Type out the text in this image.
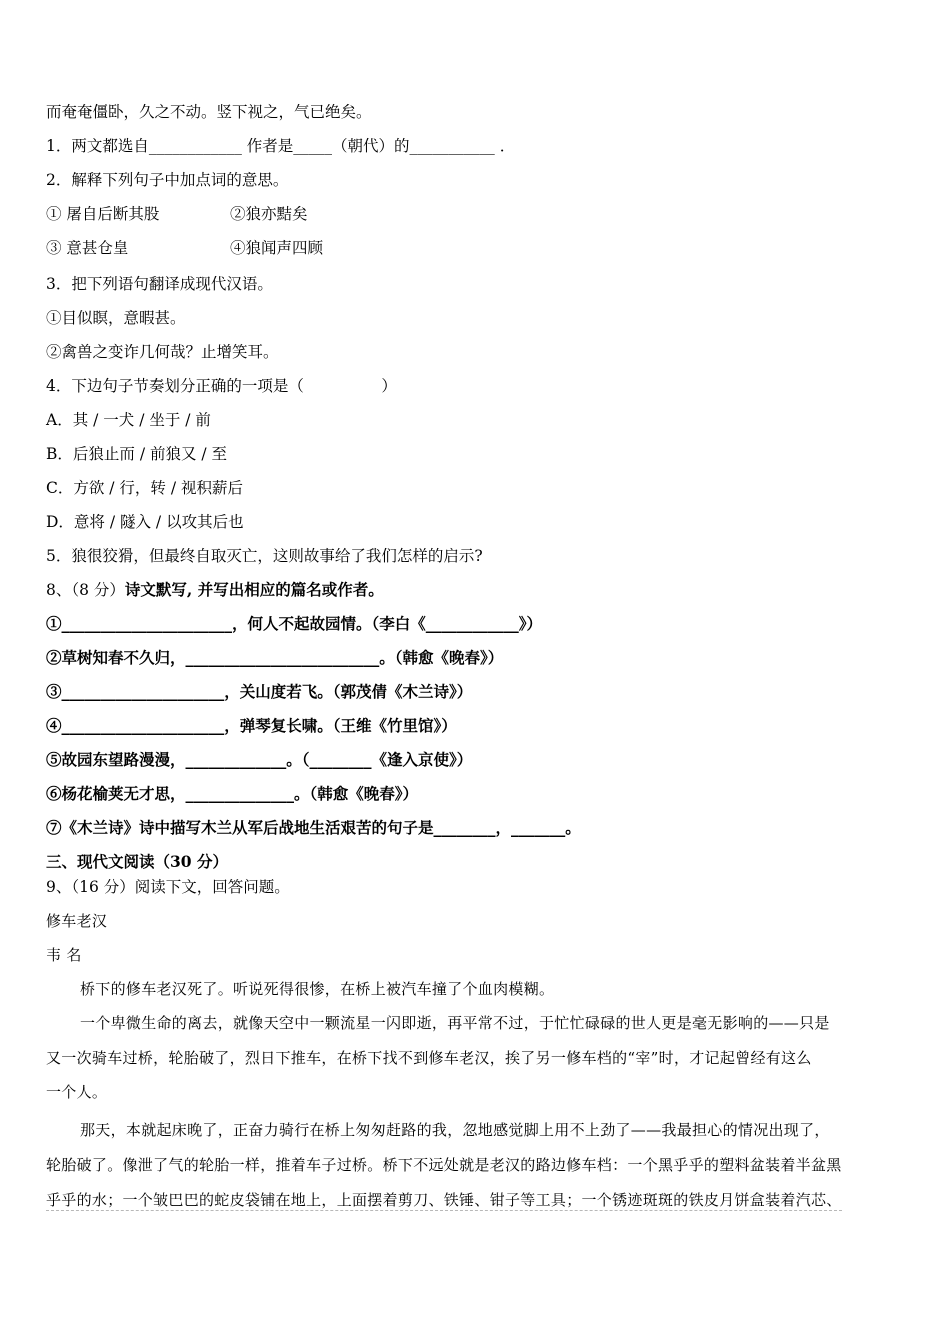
而奄奄僵卧，久之不动。竖下视之，气已绝矣。
1．两文都选自____________ 作者是_____（朝代）的___________ ．
2．解释下列句子中加点词的意思。
① 屠自后断其股	②狼亦黠矣
③ 意甚仓皇	④狼闻声四顾
3．把下列语句翻译成现代汉语。
①目似瞑，意暇甚。
②禽兽之变诈几何哉？止增笑耳。
4．下边句子节奏划分正确的一项是（　　　　　）
A．其 / 一犬 / 坐于 / 前
B．后狼止而 / 前狼又 / 至
C．方欲 / 行，转 / 视积薪后
D．意将 / 隧入 / 以攻其后也
5．狼很狡猾，但最终自取灭亡，这则故事给了我们怎样的启示?
8、（8 分）诗文默写, 并写出相应的篇名或作者。
①______________________，何人不起故园情。（李白《____________》）
②草树知春不久归，_________________________。（韩愈《晚春》）
③_____________________，关山度若飞。（郭茂倩《木兰诗》）
④_____________________，弹琴复长啸。（王维《竹里馆》）
⑤故园东望路漫漫，_____________。（________《逢入京使》）
⑥杨花榆荚无才思，______________。（韩愈《晚春》）
⑦《木兰诗》诗中描写木兰从军后战地生活艰苦的句子是________，_______。
三、现代文阅读（30 分）
9、（16 分）阅读下文，回答问题。
修车老汉
韦 名
桥下的修车老汉死了。听说死得很惨，在桥上被汽车撞了个血肉模糊。
一个卑微生命的离去，就像天空中一颗流星一闪即逝，再平常不过，于忙忙碌碌的世人更是毫无影响的——只是
又一次骑车过桥，轮胎破了，烈日下推车，在桥下找不到修车老汉，挨了另一修车档的“宰”时，才记起曾经有这么
一个人。
那天，本就起床晚了，正奋力骑行在桥上匆匆赶路的我，忽地感觉脚上用不上劲了——我最担心的情况出现了，
轮胎破了。像泄了气的轮胎一样，推着车子过桥。桥下不远处就是老汉的路边修车档：一个黑乎乎的塑料盆装着半盆黑
乎乎的水；一个皱巴巴的蛇皮袋铺在地上，上面摆着剪刀、铁锤、钳子等工具；一个锈迹斑斑的铁皮月饼盒装着汽芯、
